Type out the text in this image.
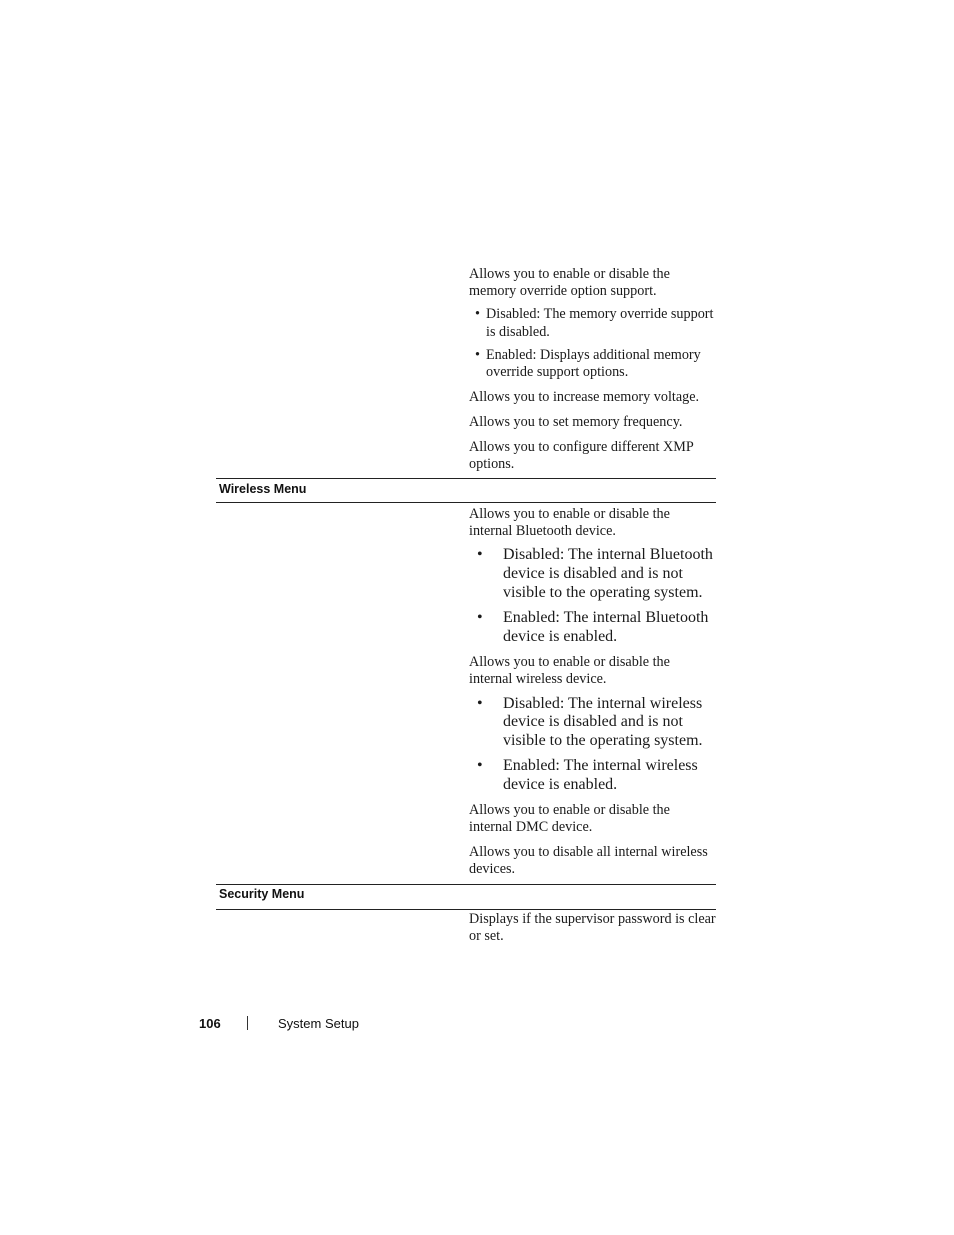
Allows you to enable or disable the
memory override option support.
• Disabled: The memory override support
is disabled.
• Enabled: Displays additional memory
override support options.
Allows you to increase memory voltage.
Allows you to set memory frequency.
Allows you to configure different XMP
options.
Wireless Menu
Allows you to enable or disable the
internal Bluetooth device.
• Disabled: The internal Bluetooth
device is disabled and is not
visible to the operating system.
• Enabled: The internal Bluetooth
device is enabled.
Allows you to enable or disable the
internal wireless device.
• Disabled: The internal wireless
device is disabled and is not
visible to the operating system.
• Enabled: The internal wireless
device is enabled.
Allows you to enable or disable the
internal DMC device.
Allows you to disable all internal wireless
devices.
Security Menu
Displays if the supervisor password is clear
or set.
106	System Setup
